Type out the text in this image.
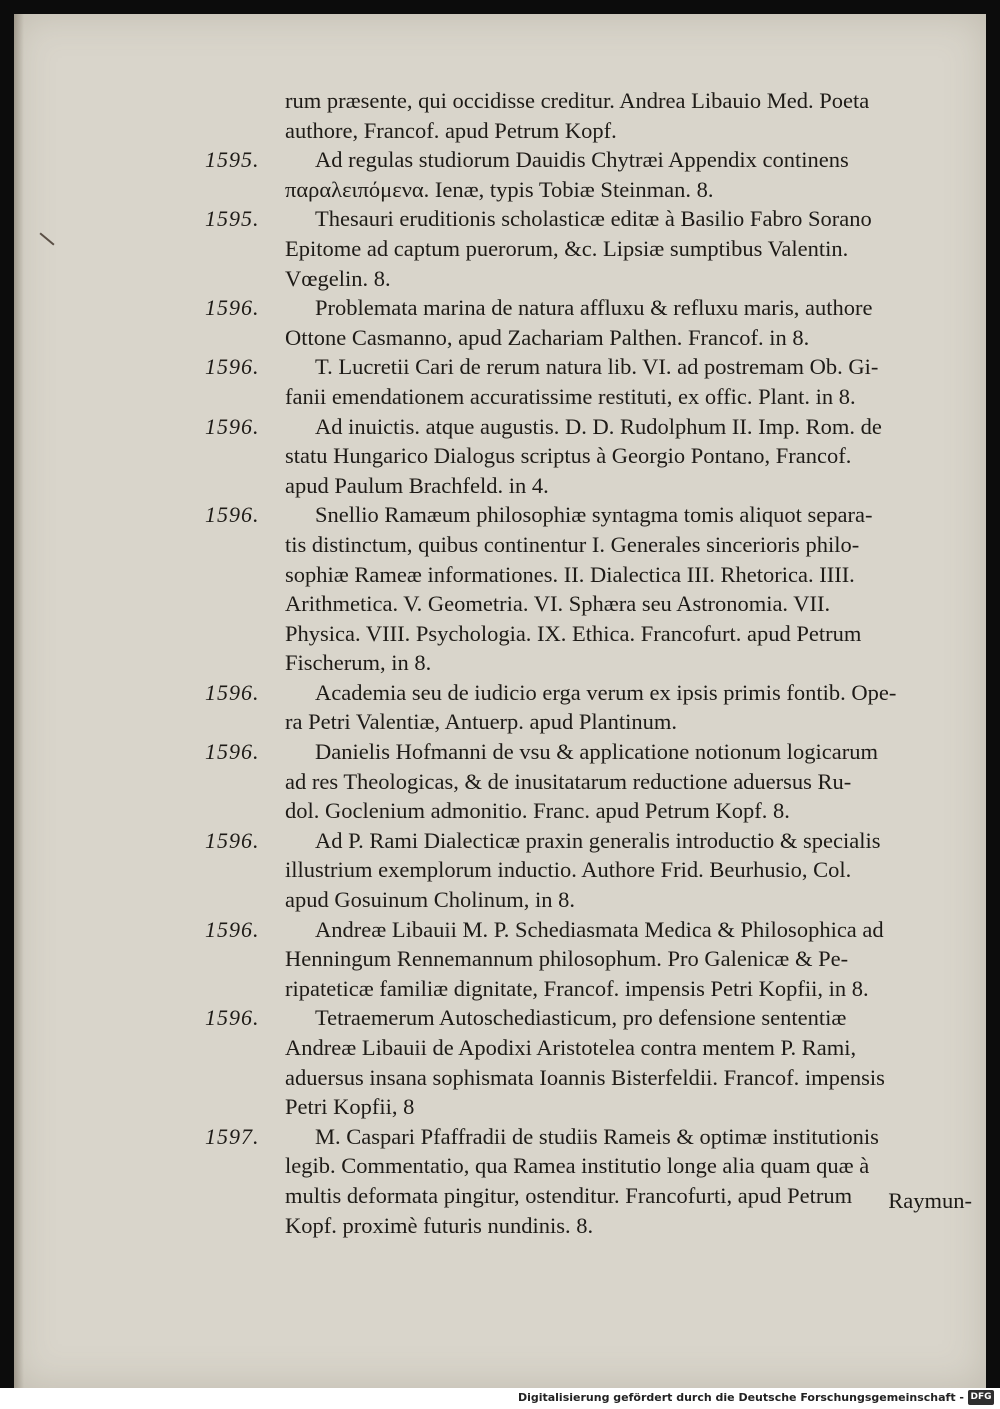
rum præsente, qui occidisse creditur. Andrea Libauio Med. Poeta
authore, Francof. apud Petrum Kopf.
1595.	Ad regulas studiorum Dauidis Chytræi Appendix continens
παραλειπόμενα. Ienæ, typis Tobiæ Steinman. 8.
1595.	Thesauri eruditionis scholasticæ editæ à Basilio Fabro Sorano
Epitome ad captum puerorum, &c. Lipsiæ sumptibus Valentin.
Vœgelin. 8.
1596.	Problemata marina de natura affluxu & refluxu maris, authore
Ottone Casmanno, apud Zachariam Palthen. Francof. in 8.
1596.	T. Lucretii Cari de rerum natura lib. VI. ad postremam Ob. Gi-
fanii emendationem accuratissime restituti, ex offic. Plant. in 8.
1596.	Ad inuictis. atque augustis. D. D. Rudolphum II. Imp. Rom. de
statu Hungarico Dialogus scriptus à Georgio Pontano, Francof.
apud Paulum Brachfeld. in 4.
1596.	Snellio Ramæum philosophiæ syntagma tomis aliquot separa-
tis distinctum, quibus continentur I. Generales sincerioris philo-
sophiæ Rameæ informationes. II. Dialectica III. Rhetorica. IIII.
Arithmetica. V. Geometria. VI. Sphæra seu Astronomia. VII.
Physica. VIII. Psychologia. IX. Ethica. Francofurt. apud Petrum
Fischerum, in 8.
1596.	Academia seu de iudicio erga verum ex ipsis primis fontib. Ope-
ra Petri Valentiæ, Antuerp. apud Plantinum.
1596.	Danielis Hofmanni de vsu & applicatione notionum logicarum
ad res Theologicas, & de inusitatarum reductione aduersus Ru-
dol. Goclenium admonitio. Franc. apud Petrum Kopf. 8.
1596.	Ad P. Rami Dialecticæ praxin generalis introductio & specialis
illustrium exemplorum inductio. Authore Frid. Beurhusio, Col.
apud Gosuinum Cholinum, in 8.
1596.	Andreæ Libauii M. P. Schediasmata Medica & Philosophica ad
Henningum Rennemannum philosophum. Pro Galenicæ & Pe-
ripateticæ familiæ dignitate, Francof. impensis Petri Kopfii, in 8.
1596.	Tetraemerum Autoschediasticum, pro defensione sententiæ
Andreæ Libauii de Apodixi Aristotelea contra mentem P. Rami,
aduersus insana sophismata Ioannis Bisterfeldii. Francof. impensis
Petri Kopfii, 8
1597.	M. Caspari Pfaffradii de studiis Rameis & optimæ institutionis
legib. Commentatio, qua Ramea institutio longe alia quam quæ à
multis deformata pingitur, ostenditur. Francofurti, apud Petrum
Kopf. proximè futuris nundinis. 8.
Raymun-
Digitalisierung gefördert durch die Deutsche Forschungsgemeinschaft - DFG
